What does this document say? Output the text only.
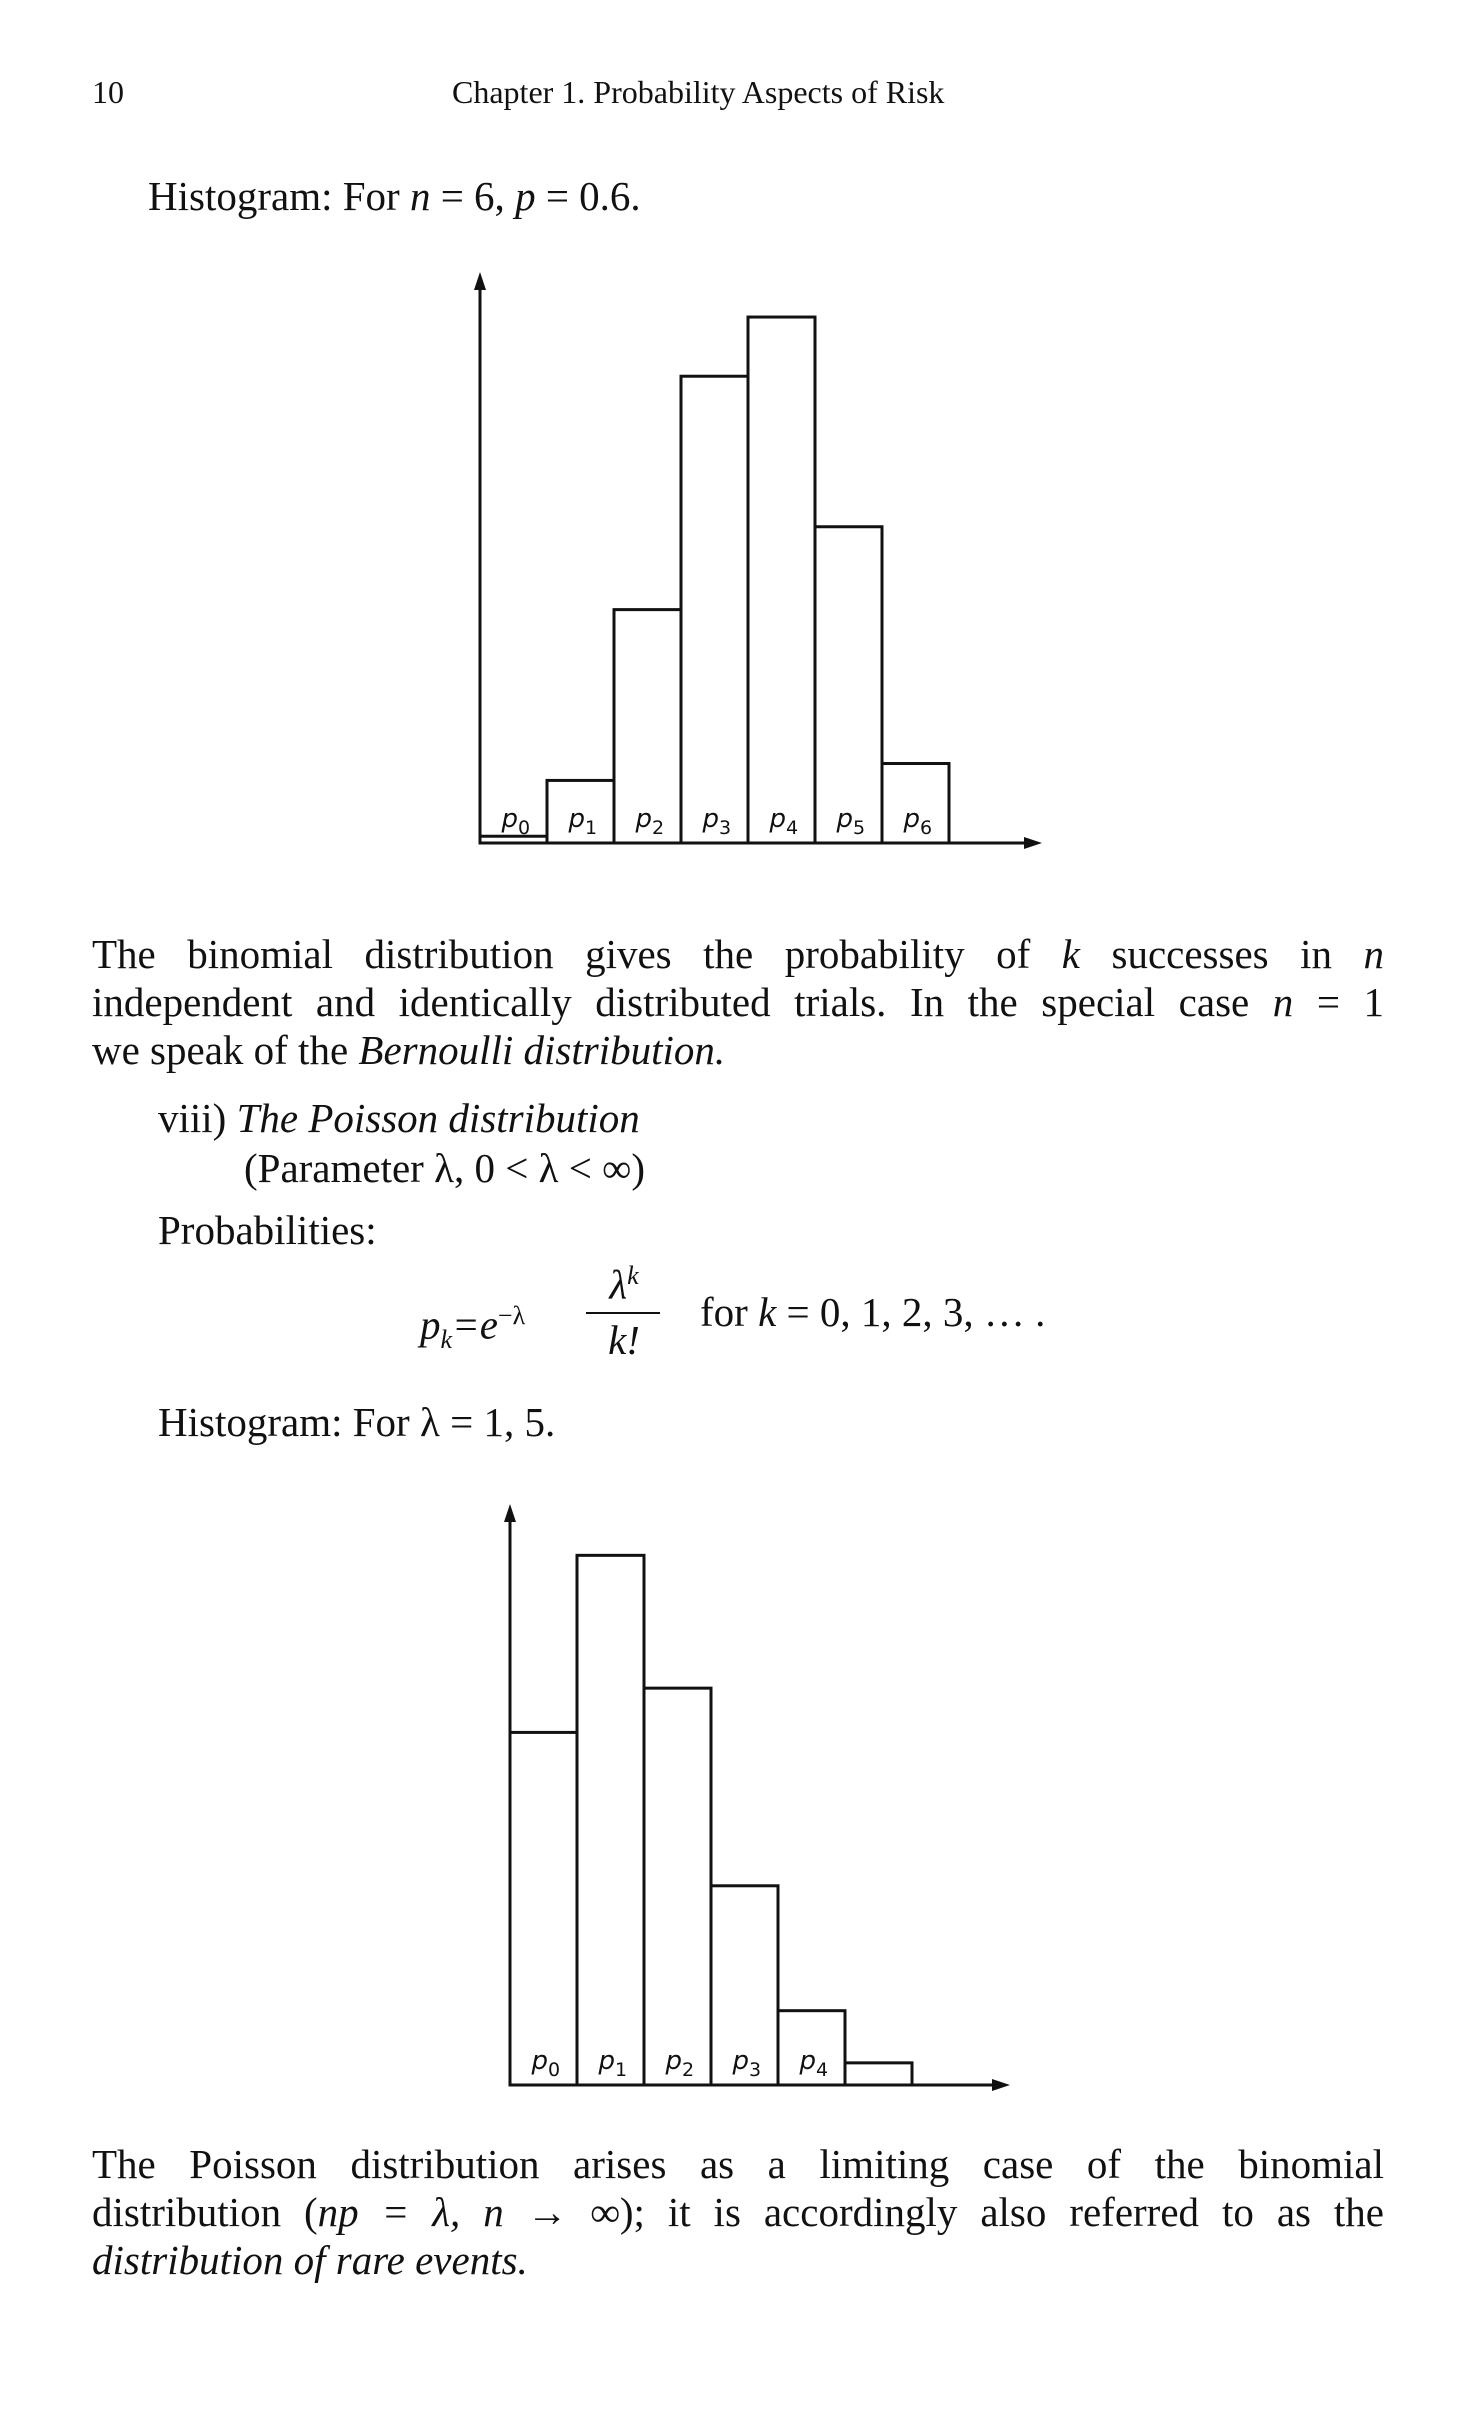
10	Chapter 1. Probability Aspects of Risk
Histogram: For n = 6, p = 0.6.
$p_0$ $p_1$ $p_2$ $p_3$ $p_4$ $p_5$ $p_6$
The binomial distribution gives the probability of k successes in n
independent and identically distributed trials. In the special case n = 1
we speak of the Bernoulli distribution.
viii) The Poisson distribution
(Parameter λ, 0 < λ < ∞)
Probabilities:
$p_k=e^{-\lambda}$
$\lambda^k$
k!
for k = 0, 1, 2, 3, … .
Histogram: For λ = 1, 5.
$p_0$ $p_1$ $p_2$ $p_3$ $p_4$
The Poisson distribution arises as a limiting case of the binomial
distribution (np = λ, n → ∞); it is accordingly also referred to as the
distribution of rare events.
